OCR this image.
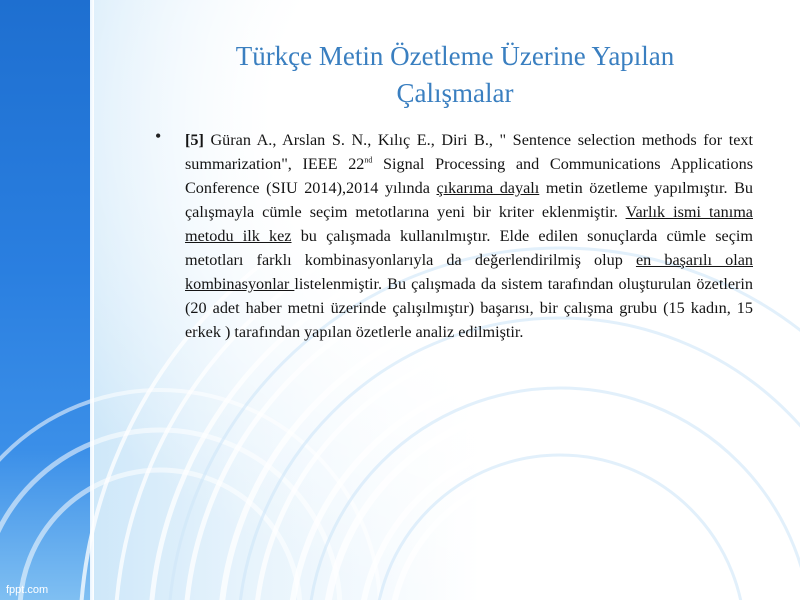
Türkçe Metin Özetleme Üzerine Yapılan
Çalışmalar
• [5] Güran A., Arslan S. N., Kılıç E., Diri B., " Sentence selection methods for text summarization", IEEE 22nd Signal Processing and Communications Applications Conference (SIU 2014),2014 yılında çıkarıma dayalı metin özetleme yapılmıştır. Bu çalışmayla cümle seçim metotlarına yeni bir kriter eklenmiştir. Varlık ismi tanıma metodu ilk kez bu çalışmada kullanılmıştır. Elde edilen sonuçlarda cümle seçim metotları farklı kombinasyonlarıyla da değerlendirilmiş olup en başarılı olan kombinasyonlar listelenmiştir. Bu çalışmada da sistem tarafından oluşturulan özetlerin (20 adet haber metni üzerinde çalışılmıştır) başarısı, bir çalışma grubu (15 kadın, 15 erkek ) tarafından yapılan özetlerle analiz edilmiştir.

fppt.com
